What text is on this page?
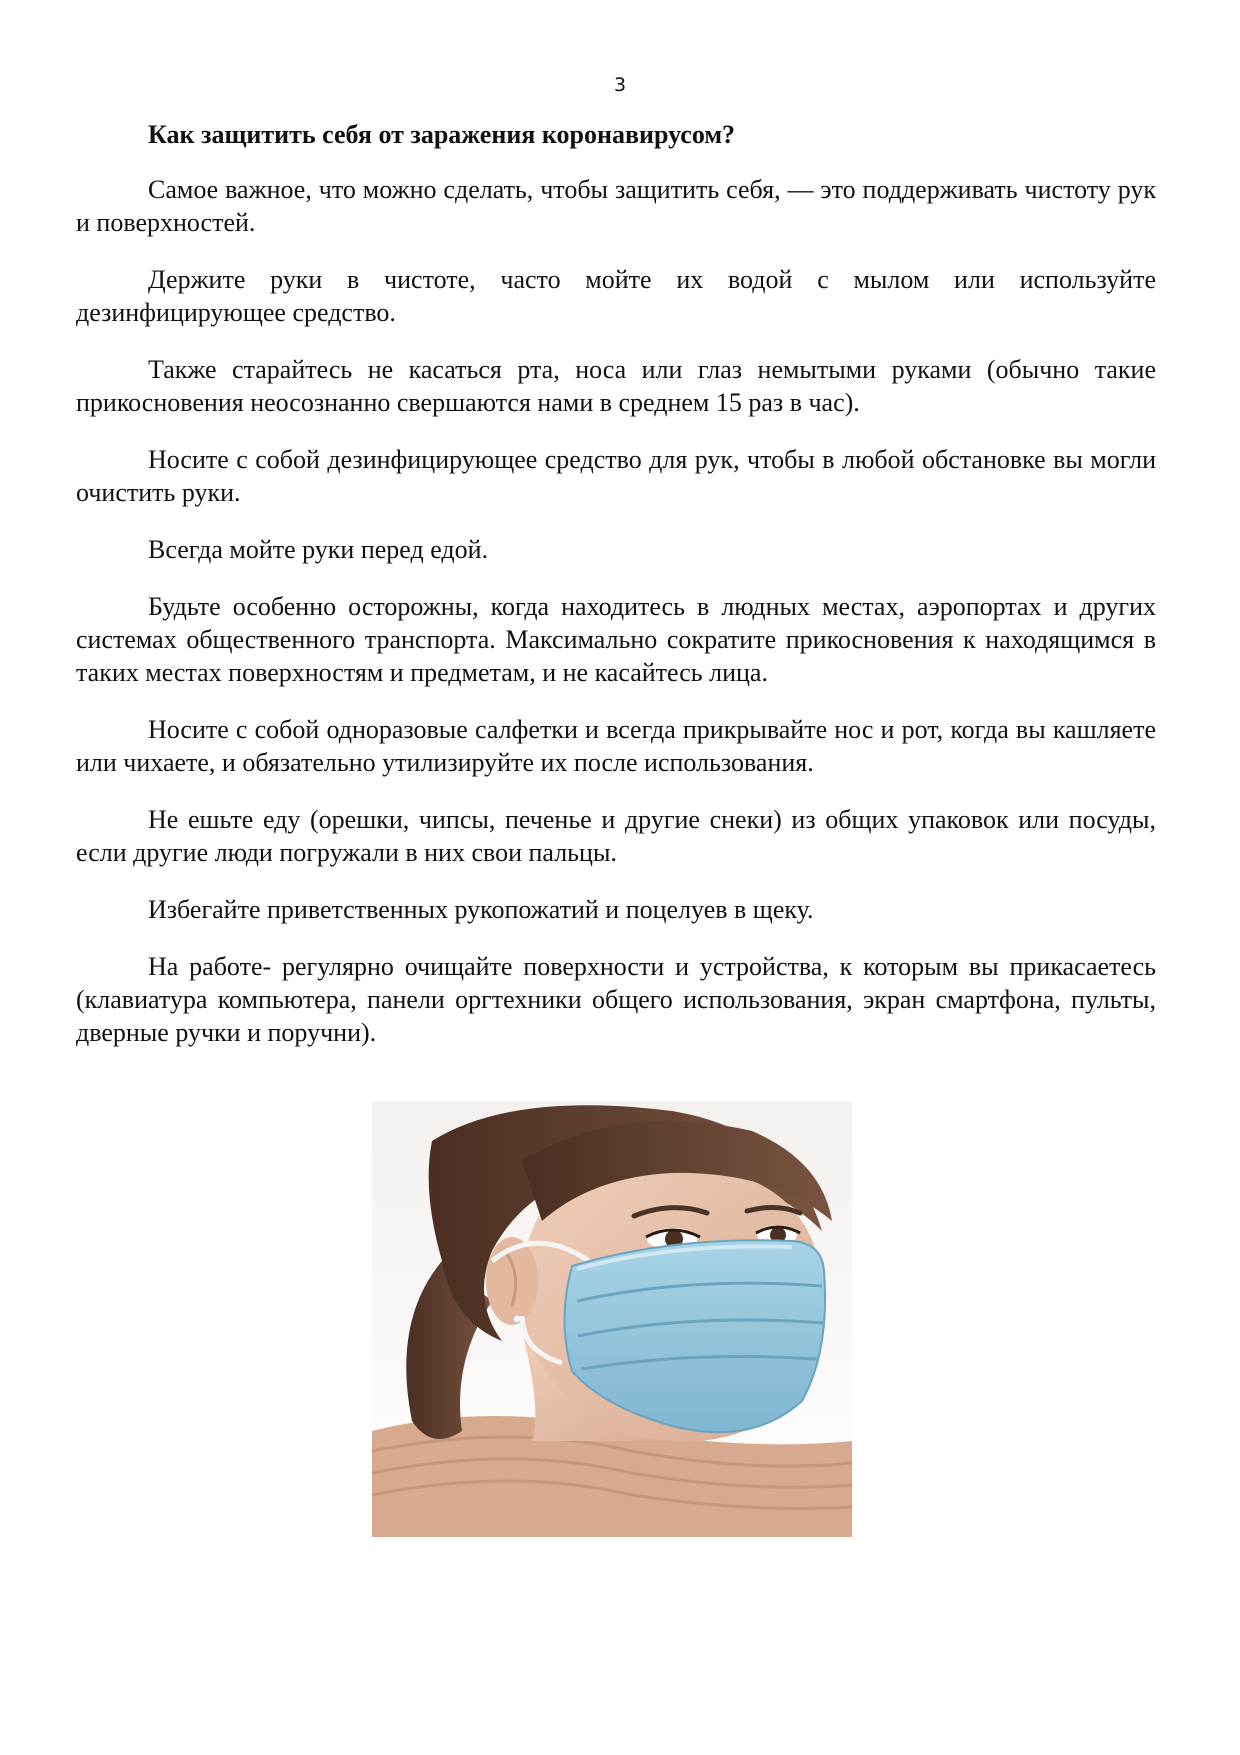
3
Как защитить себя от заражения коронавирусом?

Самое важное, что можно сделать, чтобы защитить себя, — это поддерживать чистоту рук и поверхностей.

Держите руки в чистоте, часто мойте их водой с мылом или используйте дезинфицирующее средство.

Также старайтесь не касаться рта, носа или глаз немытыми руками (обычно такие прикосновения неосознанно свершаются нами в среднем 15 раз в час).

Носите с собой дезинфицирующее средство для рук, чтобы в любой обстановке вы могли очистить руки.

Всегда мойте руки перед едой.

Будьте особенно осторожны, когда находитесь в людных местах, аэропортах и других системах общественного транспорта. Максимально сократите прикосновения к находящимся в таких местах поверхностям и предметам, и не касайтесь лица.

Носите с собой одноразовые салфетки и всегда прикрывайте нос и рот, когда вы кашляете или чихаете, и обязательно утилизируйте их после использования.

Не ешьте еду (орешки, чипсы, печенье и другие снеки) из общих упаковок или посуды, если другие люди погружали в них свои пальцы.

Избегайте приветственных рукопожатий и поцелуев в щеку.

На работе- регулярно очищайте поверхности и устройства, к которым вы прикасаетесь (клавиатура компьютера, панели оргтехники общего использования, экран смартфона, пульты, дверные ручки и поручни).
